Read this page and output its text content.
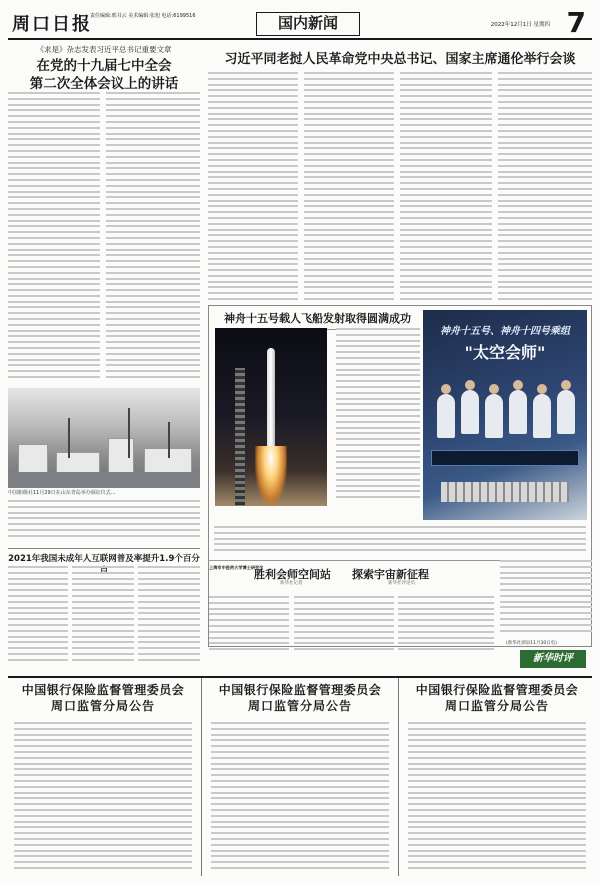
周口日报
责任编辑:邢书云 美术编辑:张旭 电话:6199516	国内新闻	2022年12月1日 星期四 7
《求是》杂志发表习近平总书记重要文章
在党的十九届七中全会
第二次全体会议上的讲话
中国船级社11月29日在山东青岛举办颁证仪式...
2021年我国未成年人互联网普及率提升1.9个百分
习近平同老挝人民革命党中央总书记、国家主席通伦举行会谈
神舟十五号载人飞船发射取得圆满成功
神舟十五号、神舟十四号乘组
"太空会师"
上海市中医药大学博士研究生
胜利会师空间站 探索宇宙新征程
新华社记者	新华社评论员
(新华社酒泉11月30日电)
新华时评
中国银行保险监督管理委员会
周口监管分局公告
中国银行保险监督管理委员会
周口监管分局公告
中国银行保险监督管理委员会
周口监管分局公告
